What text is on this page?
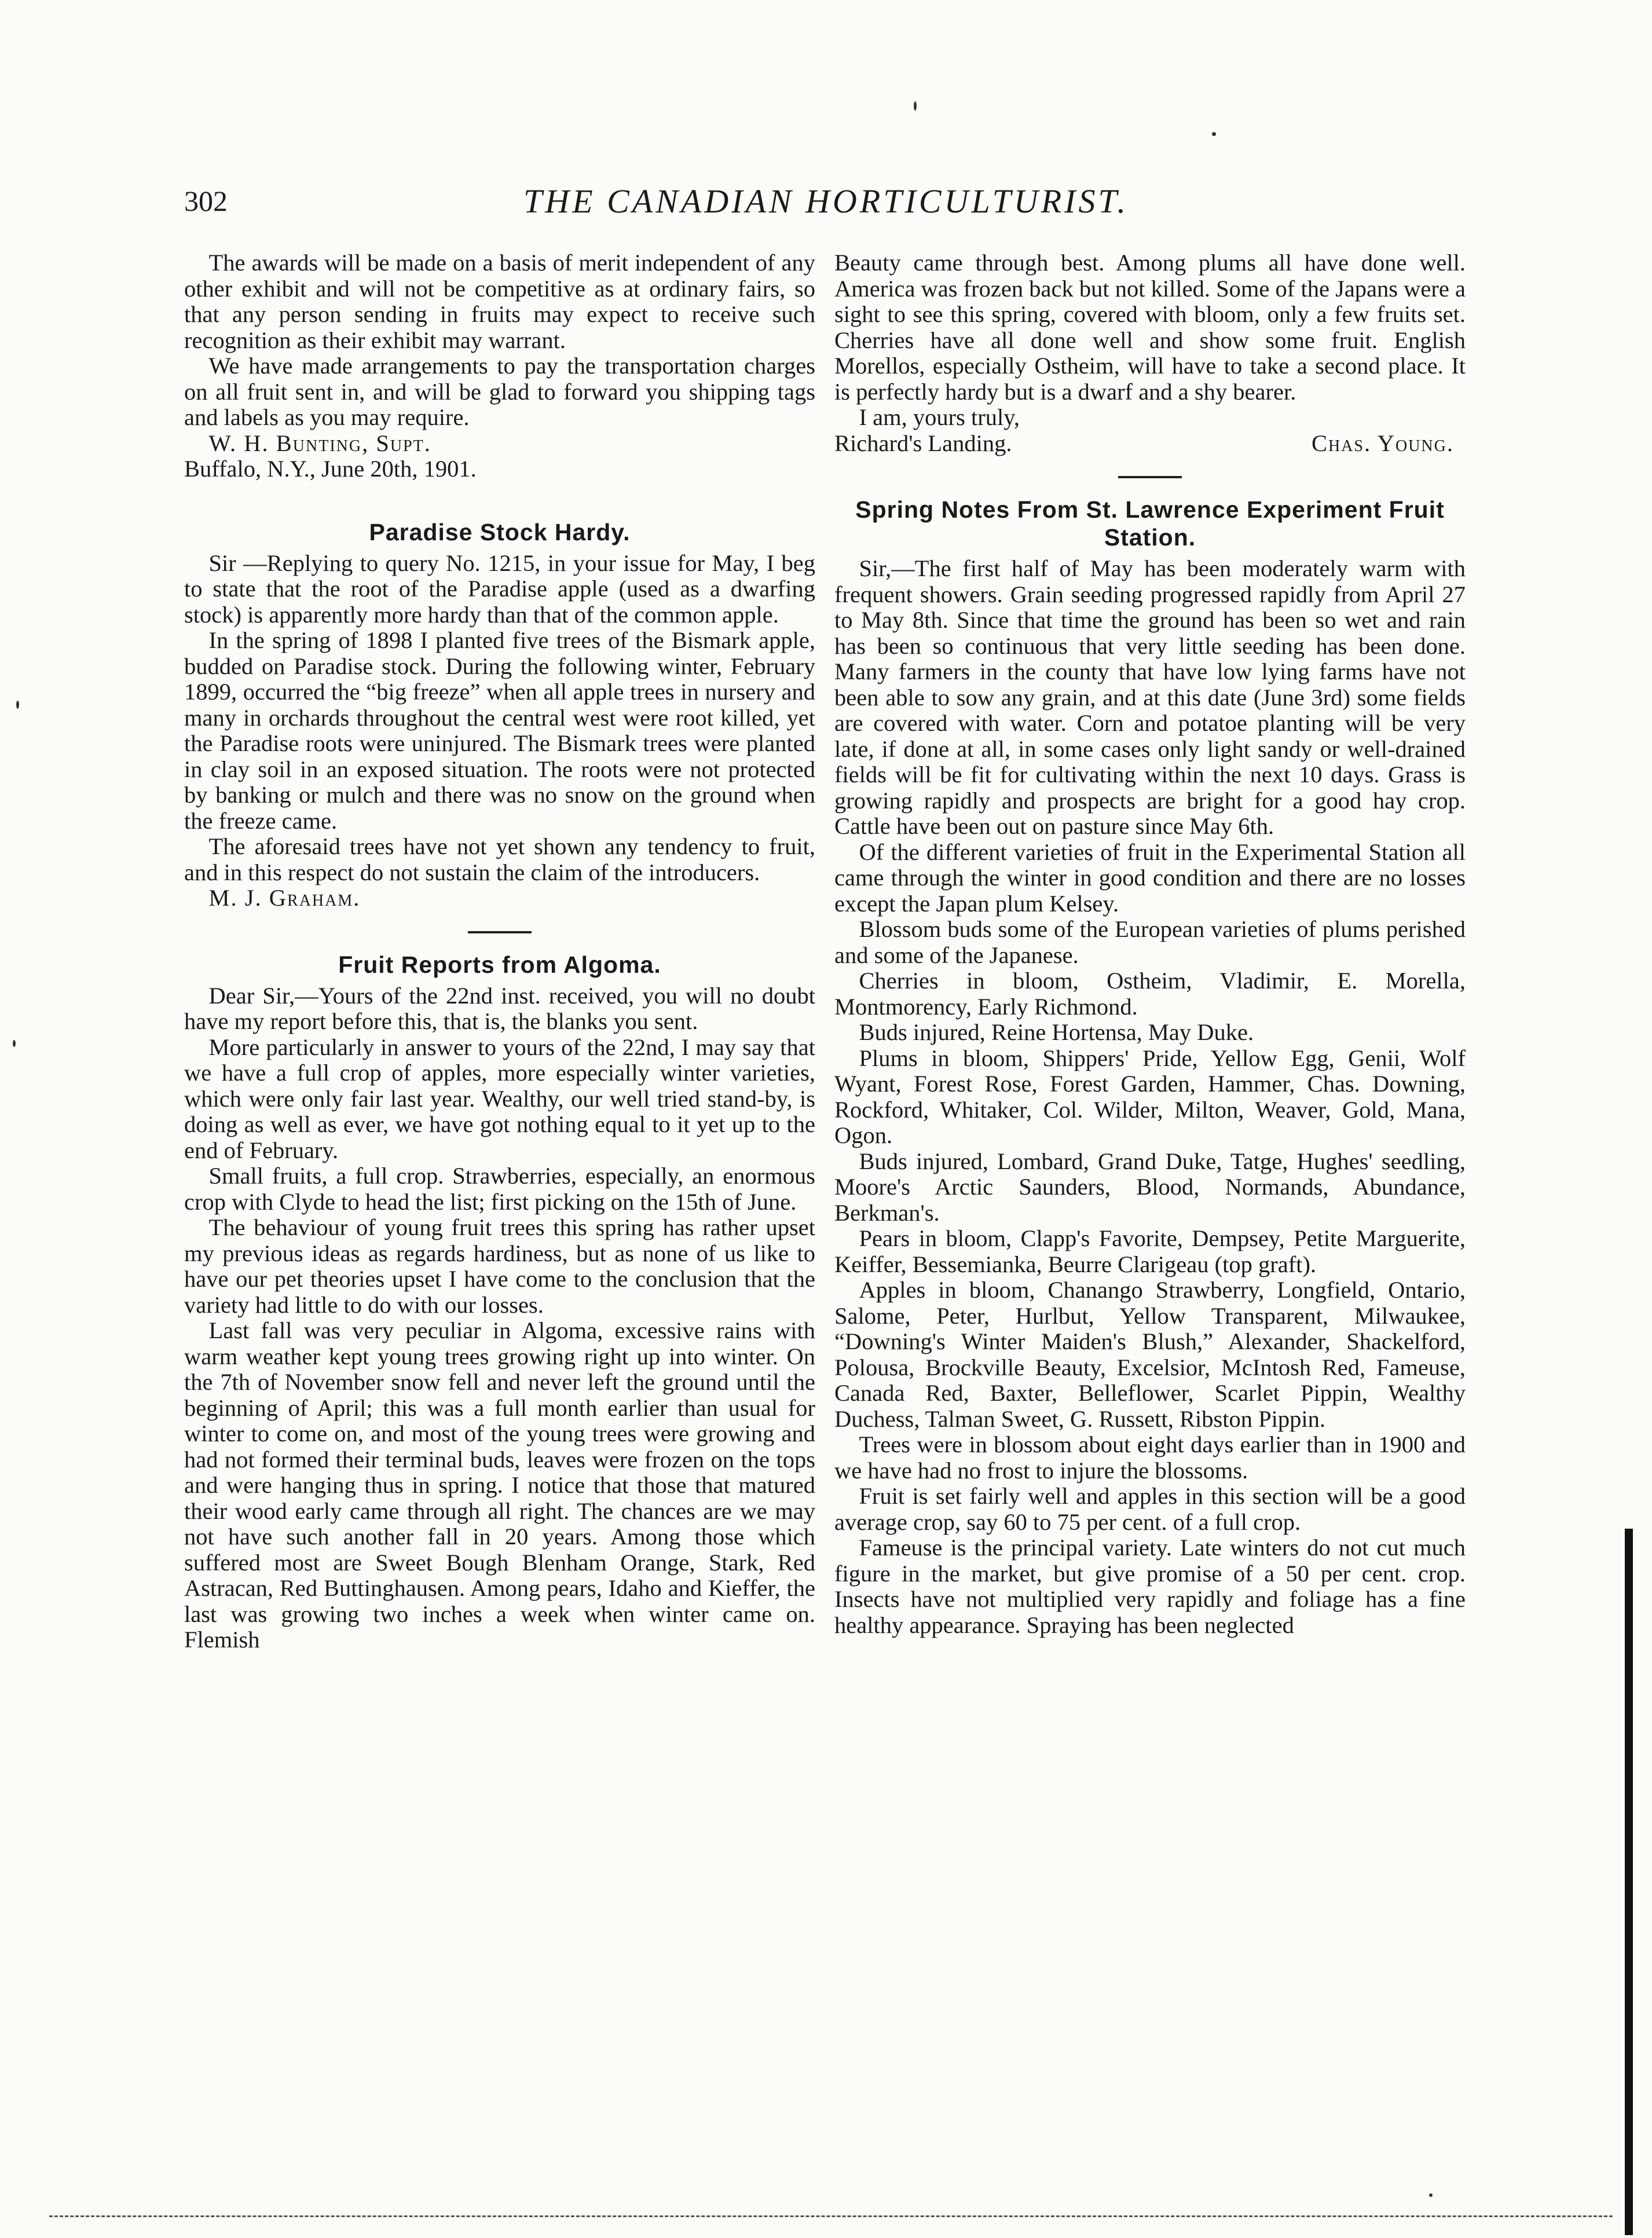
302	THE CANADIAN HORTICULTURIST.

The awards will be made on a basis of merit independent of any other exhibit and will not be competitive as at ordinary fairs, so that any person sending in fruits may expect to receive such recognition as their exhibit may warrant.

We have made arrangements to pay the transportation charges on all fruit sent in, and will be glad to forward you shipping tags and labels as you may require.

W. H. Bunting, Supt.

Buffalo, N.Y., June 20th, 1901.

Paradise Stock Hardy.

Sir —Replying to query No. 1215, in your issue for May, I beg to state that the root of the Paradise apple (used as a dwarfing stock) is apparently more hardy than that of the common apple.

In the spring of 1898 I planted five trees of the Bismark apple, budded on Paradise stock. During the following winter, February 1899, occurred the “big freeze” when all apple trees in nursery and many in orchards throughout the central west were root killed, yet the Paradise roots were uninjured. The Bismark trees were planted in clay soil in an exposed situation. The roots were not protected by banking or mulch and there was no snow on the ground when the freeze came.

The aforesaid trees have not yet shown any tendency to fruit, and in this respect do not sustain the claim of the introducers.

M. J. Graham.

Fruit Reports from Algoma.

Dear Sir,—Yours of the 22nd inst. received, you will no doubt have my report before this, that is, the blanks you sent.

More particularly in answer to yours of the 22nd, I may say that we have a full crop of apples, more especially winter varieties, which were only fair last year. Wealthy, our well tried stand-by, is doing as well as ever, we have got nothing equal to it yet up to the end of February.

Small fruits, a full crop. Strawberries, especially, an enormous crop with Clyde to head the list; first picking on the 15th of June.

The behaviour of young fruit trees this spring has rather upset my previous ideas as regards hardiness, but as none of us like to have our pet theories upset I have come to the conclusion that the variety had little to do with our losses.

Last fall was very peculiar in Algoma, excessive rains with warm weather kept young trees growing right up into winter. On the 7th of November snow fell and never left the ground until the beginning of April; this was a full month earlier than usual for winter to come on, and most of the young trees were growing and had not formed their terminal buds, leaves were frozen on the tops and were hanging thus in spring. I notice that those that matured their wood early came through all right. The chances are we may not have such another fall in 20 years. Among those which suffered most are Sweet Bough Blenham Orange, Stark, Red Astracan, Red Buttinghausen. Among pears, Idaho and Kieffer, the last was growing two inches a week when winter came on. Flemish

Beauty came through best. Among plums all have done well. America was frozen back but not killed. Some of the Japans were a sight to see this spring, covered with bloom, only a few fruits set. Cherries have all done well and show some fruit. English Morellos, especially Ostheim, will have to take a second place. It is perfectly hardy but is a dwarf and a shy bearer.

I am, yours truly,

Richard's Landing.	Chas. Young.
Spring Notes From St. Lawrence Experiment Fruit Station.

Sir,—The first half of May has been moderately warm with frequent showers. Grain seeding progressed rapidly from April 27 to May 8th. Since that time the ground has been so wet and rain has been so continuous that very little seeding has been done. Many farmers in the county that have low lying farms have not been able to sow any grain, and at this date (June 3rd) some fields are covered with water. Corn and potatoe planting will be very late, if done at all, in some cases only light sandy or well-drained fields will be fit for cultivating within the next 10 days. Grass is growing rapidly and prospects are bright for a good hay crop. Cattle have been out on pasture since May 6th.

Of the different varieties of fruit in the Experimental Station all came through the winter in good condition and there are no losses except the Japan plum Kelsey.

Blossom buds some of the European varieties of plums perished and some of the Japanese.

Cherries in bloom, Ostheim, Vladimir, E. Morella, Montmorency, Early Richmond.

Buds injured, Reine Hortensa, May Duke.

Plums in bloom, Shippers' Pride, Yellow Egg, Genii, Wolf Wyant, Forest Rose, Forest Garden, Hammer, Chas. Downing, Rockford, Whitaker, Col. Wilder, Milton, Weaver, Gold, Mana, Ogon.

Buds injured, Lombard, Grand Duke, Tatge, Hughes' seedling, Moore's Arctic Saunders, Blood, Normands, Abundance, Berkman's.

Pears in bloom, Clapp's Favorite, Dempsey, Petite Marguerite, Keiffer, Bessemianka, Beurre Clarigeau (top graft).

Apples in bloom, Chanango Strawberry, Longfield, Ontario, Salome, Peter, Hurlbut, Yellow Transparent, Milwaukee, “Downing's Winter Maiden's Blush,” Alexander, Shackelford, Polousa, Brockville Beauty, Excelsior, McIntosh Red, Fameuse, Canada Red, Baxter, Belleflower, Scarlet Pippin, Wealthy Duchess, Talman Sweet, G. Russett, Ribston Pippin.

Trees were in blossom about eight days earlier than in 1900 and we have had no frost to injure the blossoms.

Fruit is set fairly well and apples in this section will be a good average crop, say 60 to 75 per cent. of a full crop.

Fameuse is the principal variety. Late winters do not cut much figure in the market, but give promise of a 50 per cent. crop. Insects have not multiplied very rapidly and foliage has a fine healthy appearance. Spraying has been neglected
